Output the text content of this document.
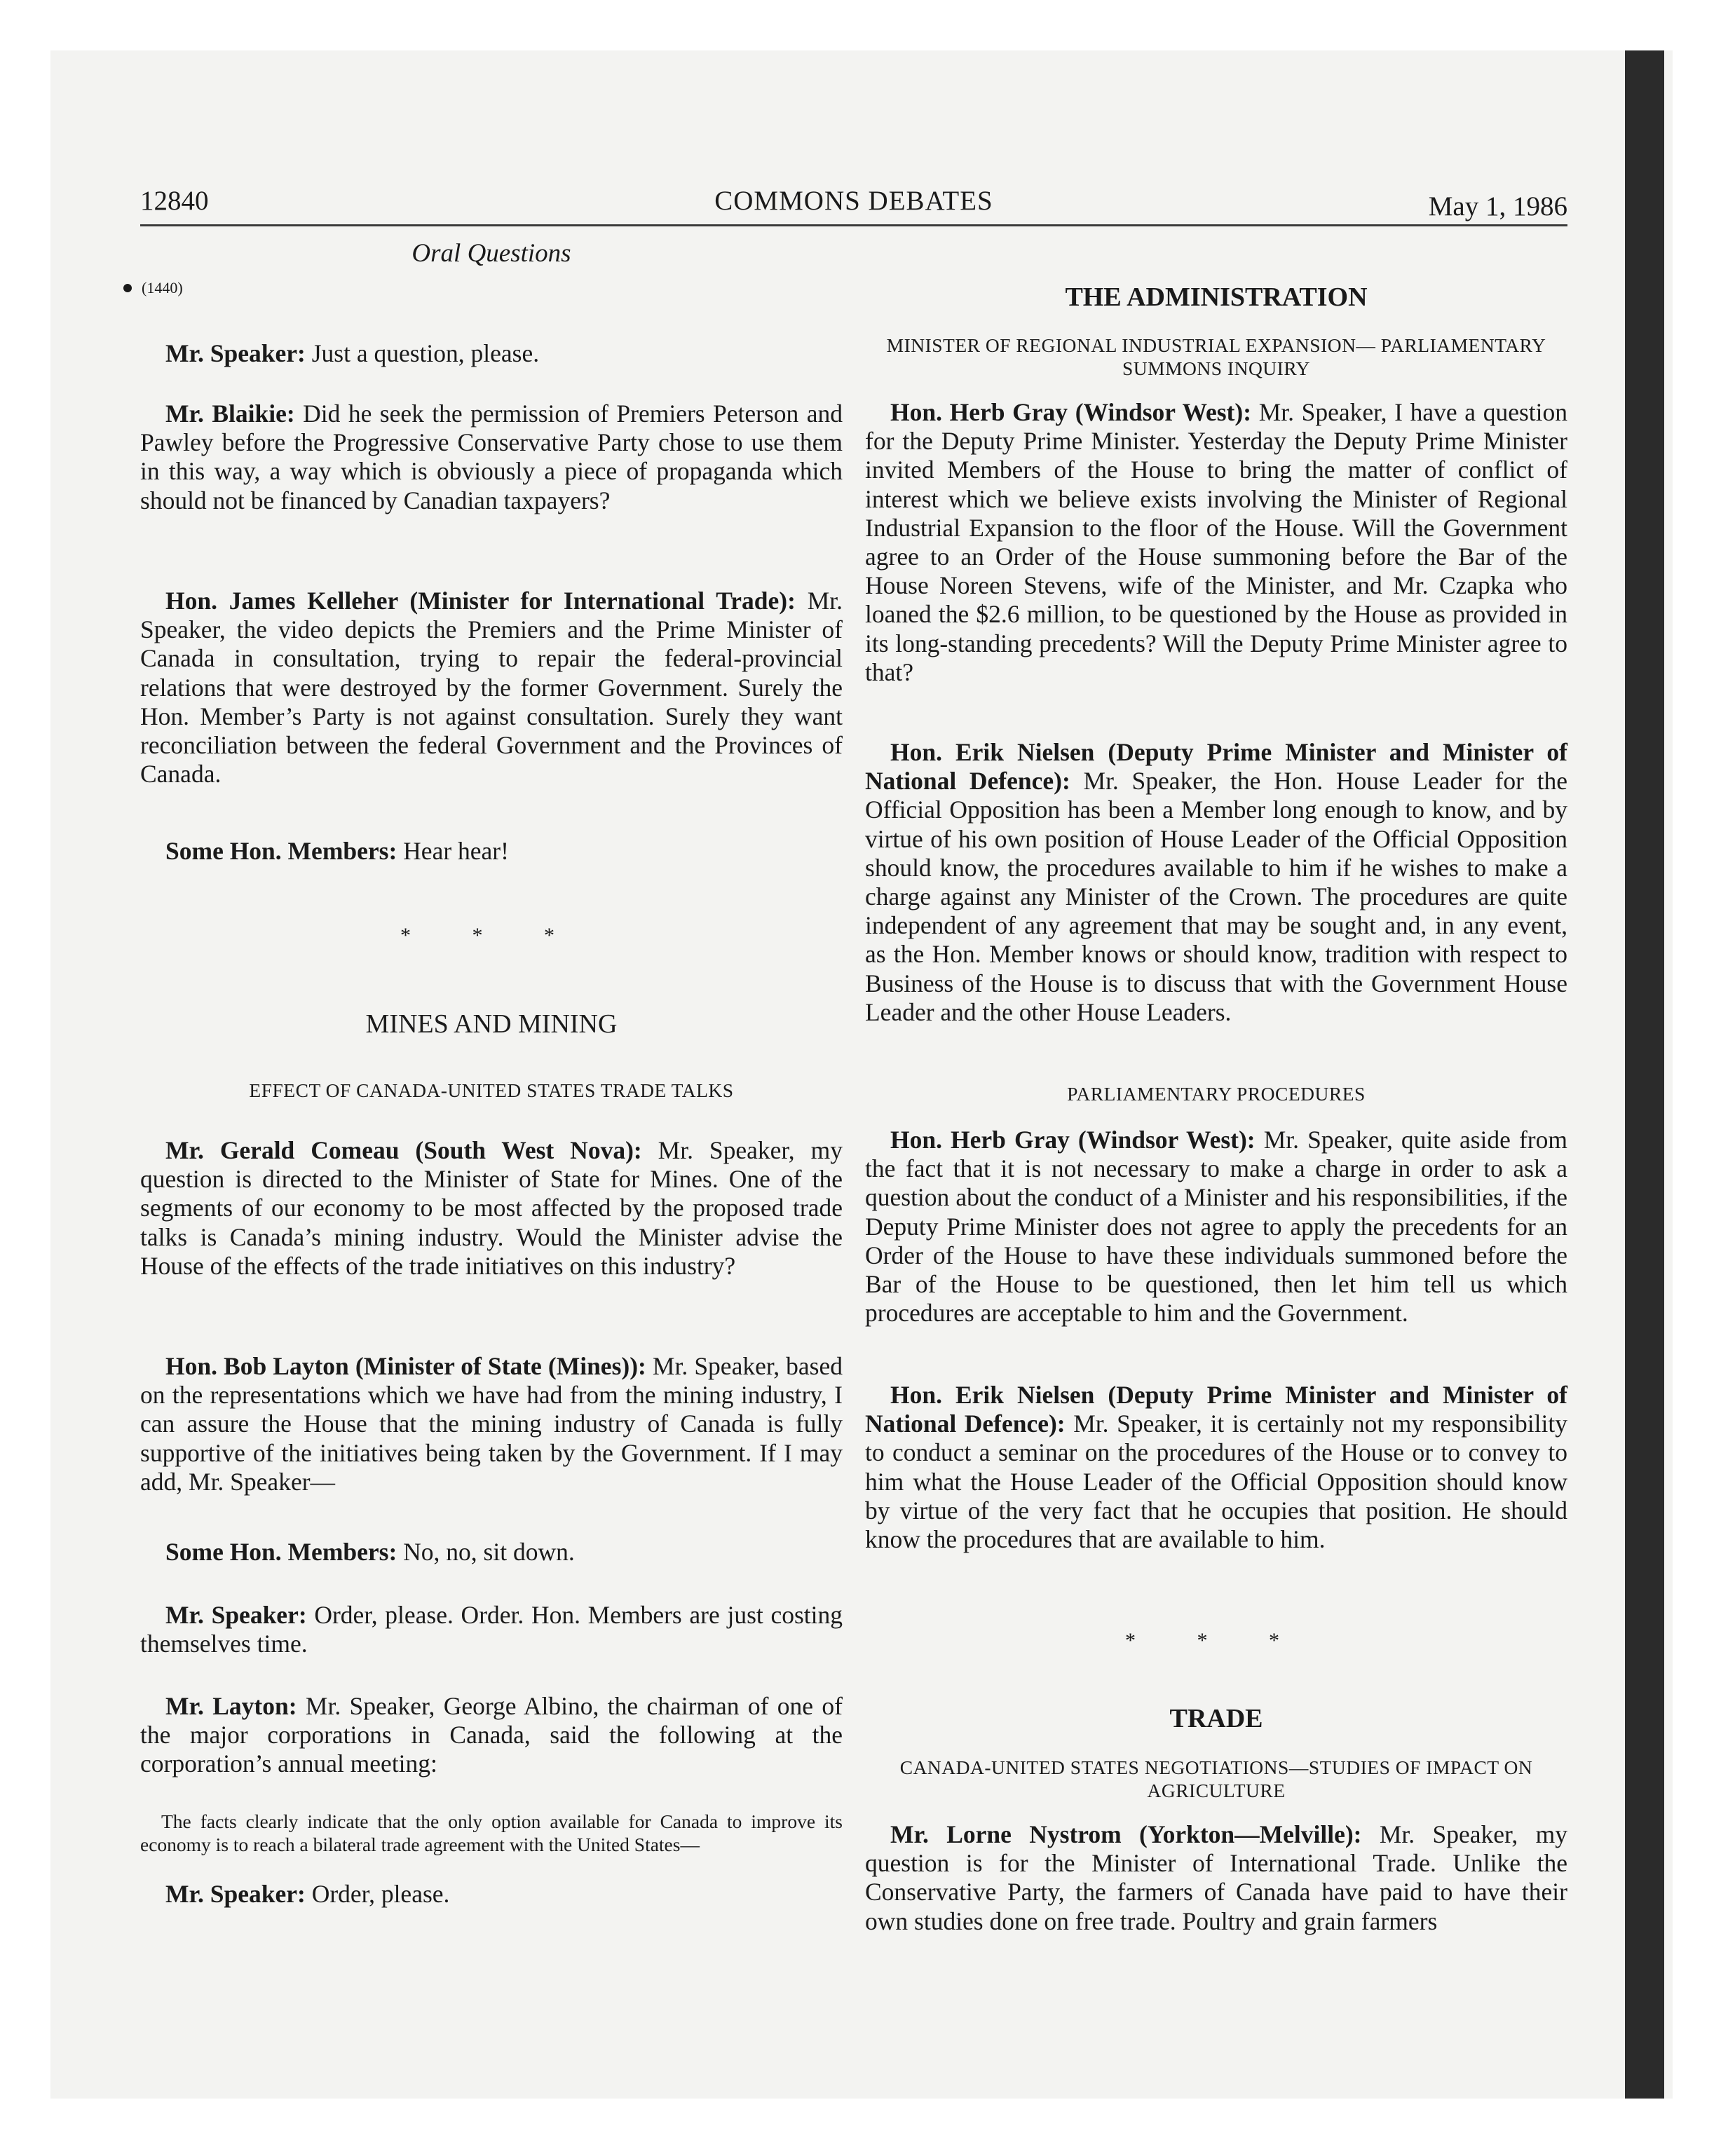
12840	COMMONS DEBATES	May 1, 1986
Oral Questions
(1440)

Mr. Speaker: Just a question, please.

Mr. Blaikie: Did he seek the permission of Premiers Peterson and Pawley before the Progressive Conservative Party chose to use them in this way, a way which is obviously a piece of propaganda which should not be financed by Canadian taxpayers?

Hon. James Kelleher (Minister for International Trade): Mr. Speaker, the video depicts the Premiers and the Prime Minister of Canada in consultation, trying to repair the federal-provincial relations that were destroyed by the former Government. Surely the Hon. Member’s Party is not against consultation. Surely they want reconciliation between the federal Government and the Provinces of Canada.

Some Hon. Members: Hear hear!

* * *
MINES AND MINING
EFFECT OF CANADA-UNITED STATES TRADE TALKS

Mr. Gerald Comeau (South West Nova): Mr. Speaker, my question is directed to the Minister of State for Mines. One of the segments of our economy to be most affected by the proposed trade talks is Canada’s mining industry. Would the Minister advise the House of the effects of the trade initiatives on this industry?

Hon. Bob Layton (Minister of State (Mines)): Mr. Speaker, based on the representations which we have had from the mining industry, I can assure the House that the mining industry of Canada is fully supportive of the initiatives being taken by the Government. If I may add, Mr. Speaker—

Some Hon. Members: No, no, sit down.

Mr. Speaker: Order, please. Order. Hon. Members are just costing themselves time.

Mr. Layton: Mr. Speaker, George Albino, the chairman of one of the major corporations in Canada, said the following at the corporation’s annual meeting:

The facts clearly indicate that the only option available for Canada to improve its economy is to reach a bilateral trade agreement with the United States—

Mr. Speaker: Order, please.

THE ADMINISTRATION
MINISTER OF REGIONAL INDUSTRIAL EXPANSION— PARLIAMENTARY SUMMONS INQUIRY

Hon. Herb Gray (Windsor West): Mr. Speaker, I have a question for the Deputy Prime Minister. Yesterday the Deputy Prime Minister invited Members of the House to bring the matter of conflict of interest which we believe exists involving the Minister of Regional Industrial Expansion to the floor of the House. Will the Government agree to an Order of the House summoning before the Bar of the House Noreen Stevens, wife of the Minister, and Mr. Czapka who loaned the $2.6 million, to be questioned by the House as provided in its long-standing precedents? Will the Deputy Prime Minister agree to that?

Hon. Erik Nielsen (Deputy Prime Minister and Minister of National Defence): Mr. Speaker, the Hon. House Leader for the Official Opposition has been a Member long enough to know, and by virtue of his own position of House Leader of the Official Opposition should know, the procedures available to him if he wishes to make a charge against any Minister of the Crown. The procedures are quite independent of any agreement that may be sought and, in any event, as the Hon. Member knows or should know, tradition with respect to Business of the House is to discuss that with the Government House Leader and the other House Leaders.

PARLIAMENTARY PROCEDURES

Hon. Herb Gray (Windsor West): Mr. Speaker, quite aside from the fact that it is not necessary to make a charge in order to ask a question about the conduct of a Minister and his responsibilities, if the Deputy Prime Minister does not agree to apply the precedents for an Order of the House to have these individuals summoned before the Bar of the House to be questioned, then let him tell us which procedures are acceptable to him and the Government.

Hon. Erik Nielsen (Deputy Prime Minister and Minister of National Defence): Mr. Speaker, it is certainly not my responsibility to conduct a seminar on the procedures of the House or to convey to him what the House Leader of the Official Opposition should know by virtue of the very fact that he occupies that position. He should know the procedures that are available to him.

* * *
TRADE
CANADA-UNITED STATES NEGOTIATIONS—STUDIES OF IMPACT ON AGRICULTURE

Mr. Lorne Nystrom (Yorkton—Melville): Mr. Speaker, my question is for the Minister of International Trade. Unlike the Conservative Party, the farmers of Canada have paid to have their own studies done on free trade. Poultry and grain farmers
